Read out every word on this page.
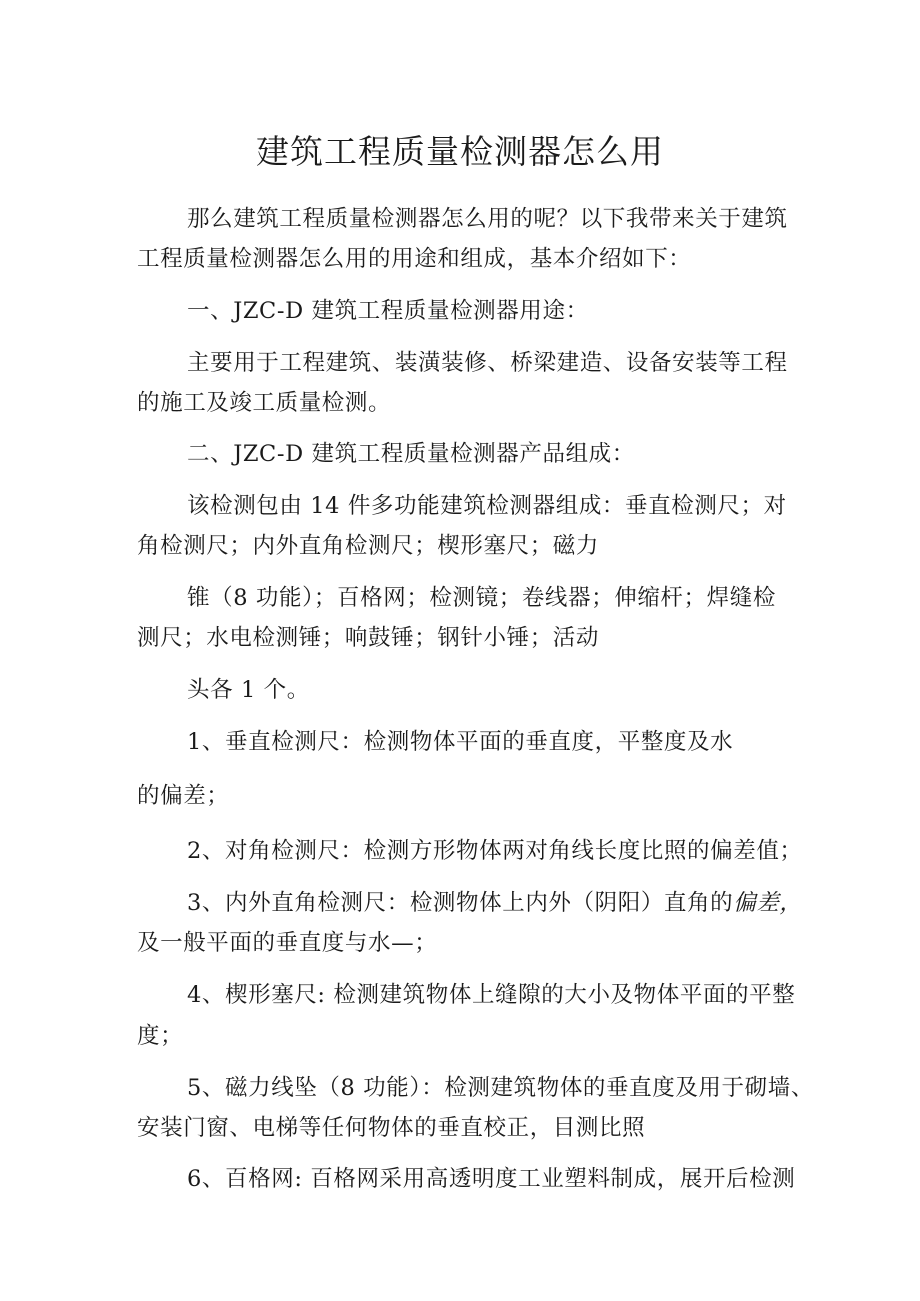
建筑工程质量检测器怎么用
那么建筑工程质量检测器怎么用的呢？以下我带来关于建筑
工程质量检测器怎么用的用途和组成，基本介绍如下：
一、JZC-D 建筑工程质量检测器用途：
主要用于工程建筑、装潢装修、桥梁建造、设备安装等工程
的施工及竣工质量检测。
二、JZC-D 建筑工程质量检测器产品组成：
该检测包由 14 件多功能建筑检测器组成：垂直检测尺；对
角检测尺；内外直角检测尺；楔形塞尺；磁力
锥（8 功能）；百格网；检测镜；卷线器；伸缩杆；焊缝检
测尺；水电检测锤；响鼓锤；钢针小锤；活动
头各 1 个。
1、垂直检测尺：检测物体平面的垂直度，平整度及水
的偏差；
2、对角检测尺：检测方形物体两对角线长度比照的偏差值；
3、内外直角检测尺：检测物体上内外（阴阳）直角的偏差，
及一般平面的垂直度与水—；
4、楔形塞尺: 检测建筑物体上缝隙的大小及物体平面的平整
度；
5、磁力线坠（8 功能）：检测建筑物体的垂直度及用于砌墙、
安装门窗、电梯等任何物体的垂直校正，目测比照
6、百格网: 百格网采用高透明度工业塑料制成，展开后检测
